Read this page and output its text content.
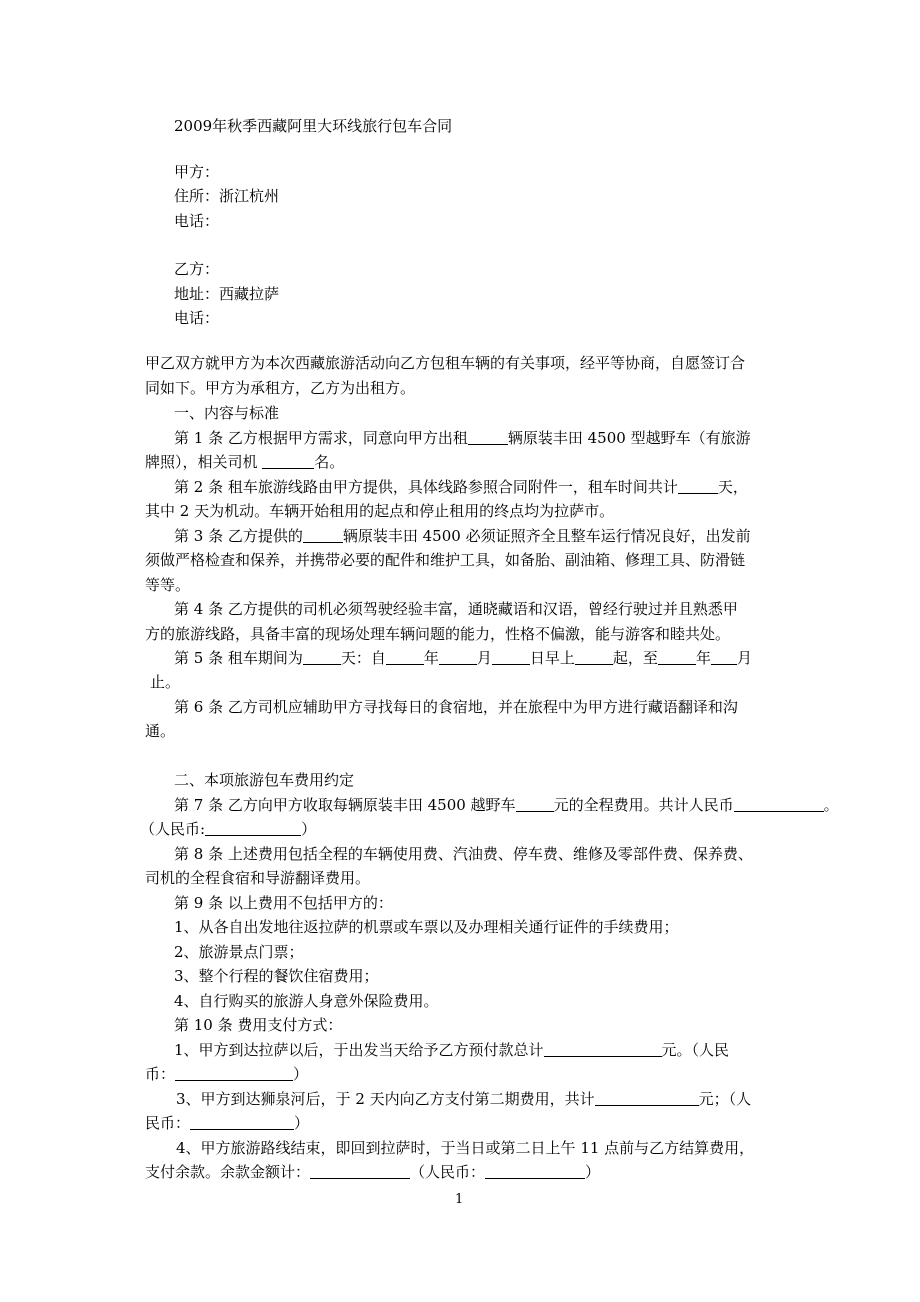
2009年秋季西藏阿里大环线旅行包车合同
甲方：
住所：浙江杭州
电话：
乙方：
地址：西藏拉萨
电话：
甲乙双方就甲方为本次西藏旅游活动向乙方包租车辆的有关事项，经平等协商，自愿签订合
同如下。甲方为承租方，乙方为出租方。
一、内容与标准
第 1 条 乙方根据甲方需求，同意向甲方出租	辆原装丰田 4500 型越野车（有旅游
牌照），相关司机	名。
第 2 条 租车旅游线路由甲方提供，具体线路参照合同附件一，租车时间共计	天，
其中 2 天为机动。车辆开始租用的起点和停止租用的终点均为拉萨市。
第 3 条 乙方提供的	辆原装丰田 4500 必须证照齐全且整车运行情况良好，出发前
须做严格检查和保养，并携带必要的配件和维护工具，如备胎、副油箱、修理工具、防滑链
等等。
第 4 条 乙方提供的司机必须驾驶经验丰富，通晓藏语和汉语，曾经行驶过并且熟悉甲
方的旅游线路，具备丰富的现场处理车辆问题的能力，性格不偏激，能与游客和睦共处。
第 5 条 租车期间为	天：自	年	月	日早上	起，至	年 月
止。
第 6 条 乙方司机应辅助甲方寻找每日的食宿地，并在旅程中为甲方进行藏语翻译和沟
通。
二、本项旅游包车费用约定
第 7 条 乙方向甲方收取每辆原装丰田 4500 越野车	元的全程费用。共计人民币	。
（人民币:	）
第 8 条 上述费用包括全程的车辆使用费、汽油费、停车费、维修及零部件费、保养费、
司机的全程食宿和导游翻译费用。
第 9 条 以上费用不包括甲方的：
1、从各自出发地往返拉萨的机票或车票以及办理相关通行证件的手续费用；
2、旅游景点门票；
3、整个行程的餐饮住宿费用；
4、自行购买的旅游人身意外保险费用。
第 10 条 费用支付方式：
1、甲方到达拉萨以后，于出发当天给予乙方预付款总计	元。（人民
币：	）
3、甲方到达狮泉河后，于 2 天内向乙方支付第二期费用，共计	元；（人
民币：	）
4、甲方旅游路线结束，即回到拉萨时，于当日或第二日上午 11 点前与乙方结算费用，
支付余款。余款金额计：	（人民币：	）
1
